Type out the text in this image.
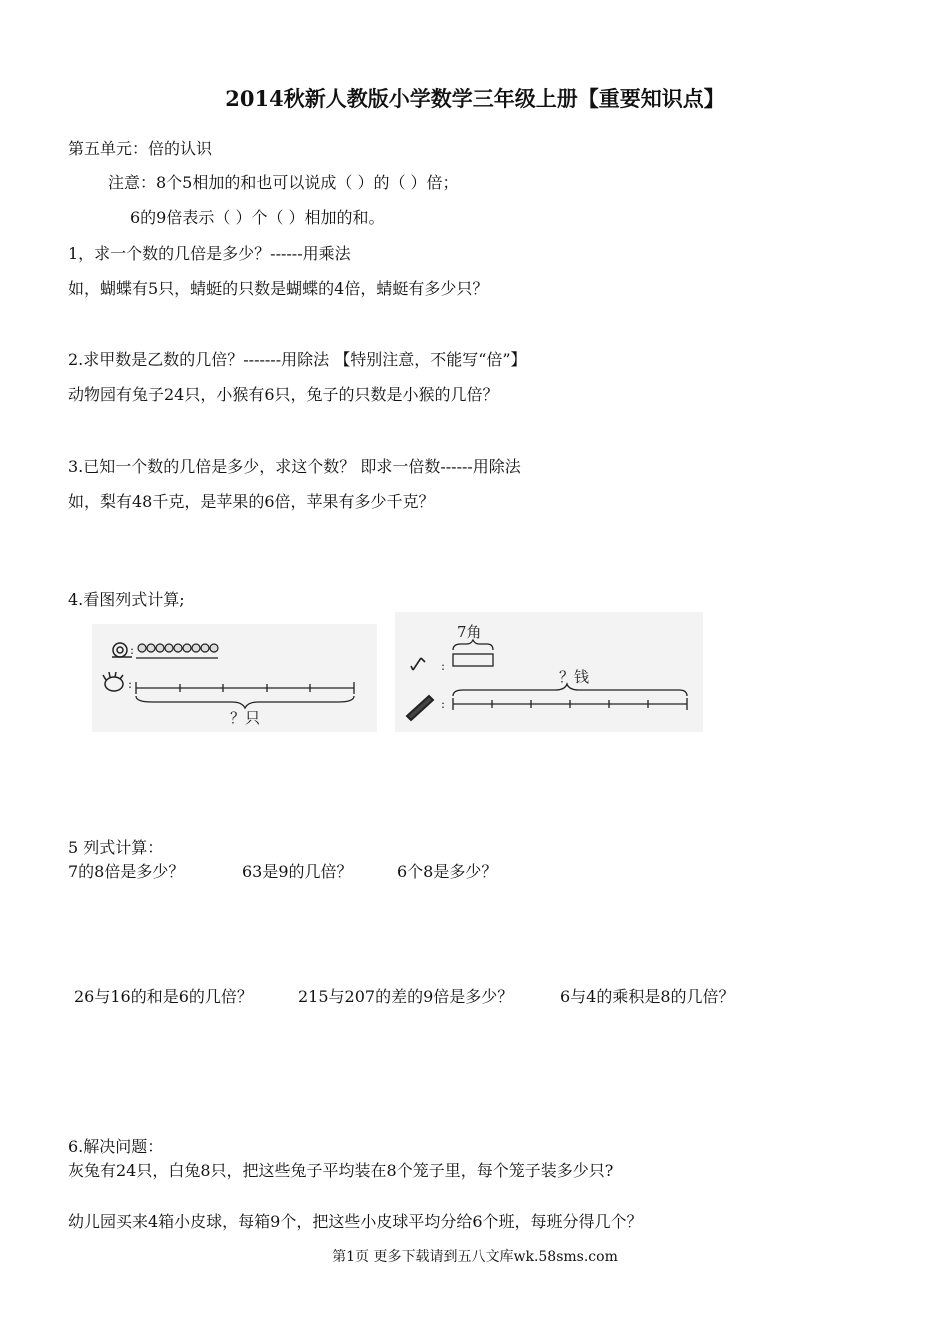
2014秋新人教版小学数学三年级上册【重要知识点】
第五单元：倍的认识
注意：8个5相加的和也可以说成（ ）的（ ）倍；
6的9倍表示（ ）个（ ）相加的和。
1，求一个数的几倍是多少？------用乘法
如，蝴蝶有5只，蜻蜓的只数是蝴蝶的4倍，蜻蜓有多少只？
2.求甲数是乙数的几倍？-------用除法 【特别注意，不能写“倍”】
动物园有兔子24只，小猴有6只，兔子的只数是小猴的几倍？
3.已知一个数的几倍是多少，求这个数？ 即求一倍数------用除法
如，梨有48千克，是苹果的6倍，苹果有多少千克？
4.看图列式计算;
:
:
？只
7角
:
？钱
:
5 列式计算：
7的8倍是多少？	63是9的几倍？	6个8是多少？
26与16的和是6的几倍？	215与207的差的9倍是多少？	6与4的乘积是8的几倍？
6.解决问题：
灰兔有24只，白兔8只，把这些兔子平均装在8个笼子里，每个笼子装多少只?
幼儿园买来4箱小皮球，每箱9个，把这些小皮球平均分给6个班，每班分得几个？
第1页 更多下载请到五八文库wk.58sms.com
